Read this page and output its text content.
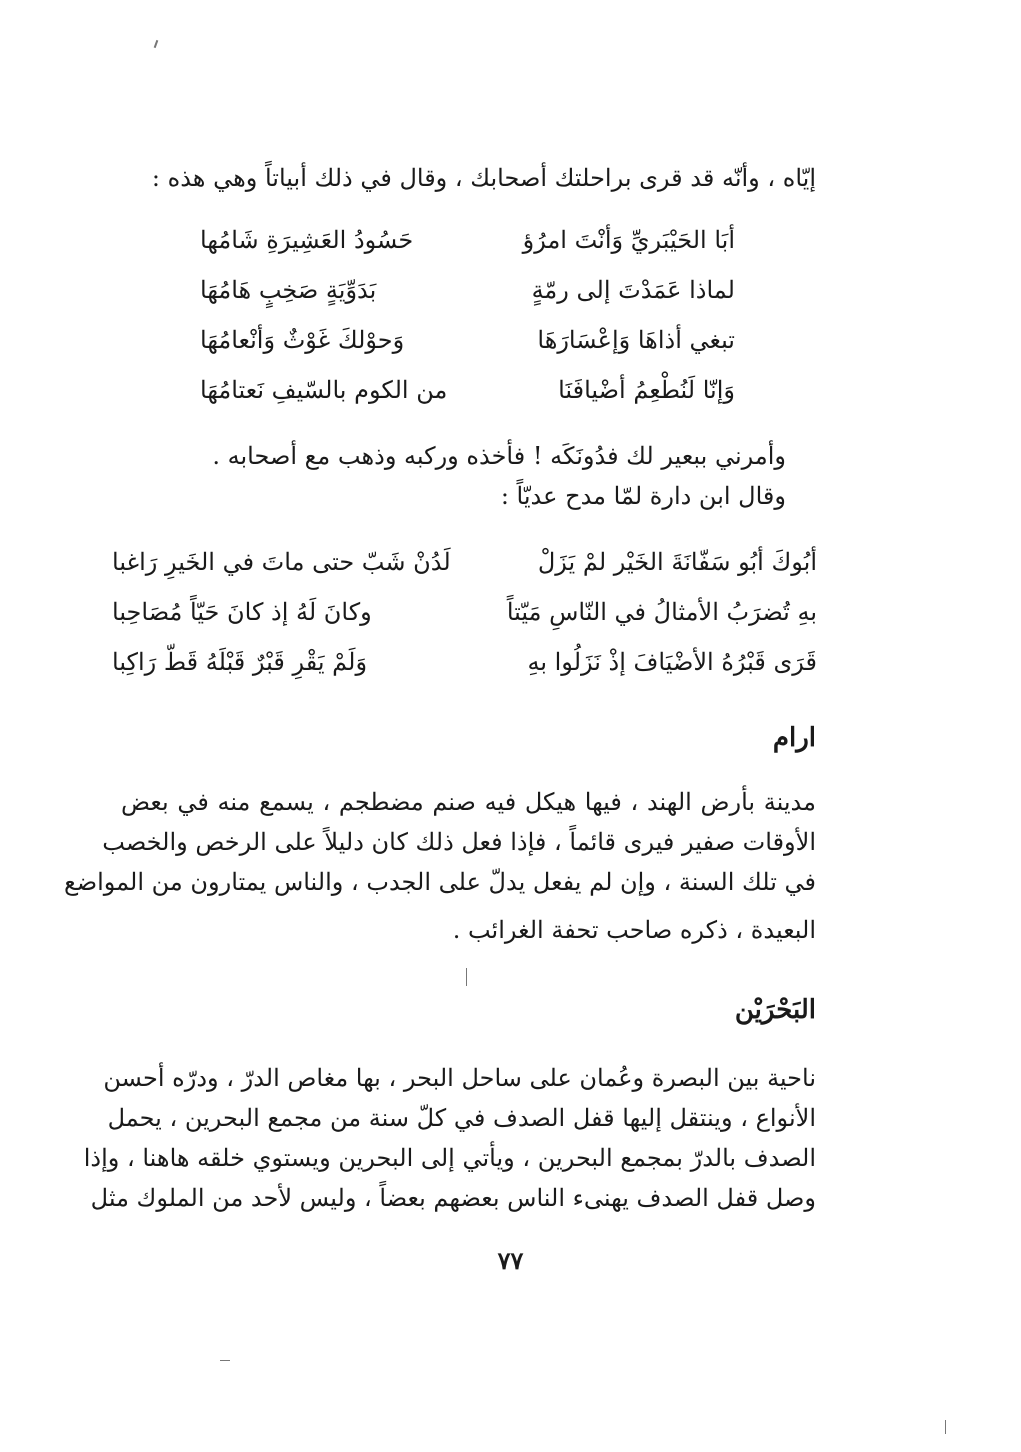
إيّاه ، وأنّه قد قرى براحلتك أصحابك ، وقال في ذلك أبياتاً وهي هذه :
أبَا الحَيْبَريِّ وَأنْتَ امرُؤ
حَسُودُ العَشِيرَةِ شَامُها
لماذا عَمَدْتَ إلى رمّةٍ
بَدَوِّيَةٍ صَخِبٍ هَامُهَا
تبغي أذاهَا وَإعْسَارَهَا
وَحوْلكَ غَوْثٌ وَأنْعامُهَا
وَإنّا لَنُطْعِمُ أضْيافَنَا
من الكوم بالسّيفِ نَعتامُهَا
وأمرني ببعير لك فدُونَكَه ! فأخذه وركبه وذهب مع أصحابه .
وقال ابن دارة لمّا مدح عديّاً :
أبُوكَ أبُو سَفّانَةَ الخَيْر لمْ يَزَلْ
لَدُنْ شَبّ حتى ماتَ في الخَيرِ رَاغبا
بهِ تُضرَبُ الأمثالُ في النّاسِ مَيّتاً
وكانَ لَهُ إذ كانَ حَيّاً مُصَاحِبا
قَرَى قَبْرُهُ الأضْيَافَ إذْ نَزَلُوا بهِ
وَلَمْ يَقْرِ قَبْرٌ قَبْلَهُ قَطّ رَاكِبا
ارام
مدينة بأرض الهند ، فيها هيكل فيه صنم مضطجم ، يسمع منه في بعض
الأوقات صفير فيرى قائماً ، فإذا فعل ذلك كان دليلاً على الرخص والخصب
في تلك السنة ، وإن لم يفعل يدلّ على الجدب ، والناس يمتارون من المواضع
البعيدة ، ذكره صاحب تحفة الغرائب .
البَحْرَيْن
ناحية بين البصرة وعُمان على ساحل البحر ، بها مغاص الدرّ ، ودرّه أحسن
الأنواع ، وينتقل إليها قفل الصدف في كلّ سنة من مجمع البحرين ، يحمل
الصدف بالدرّ بمجمع البحرين ، ويأتي إلى البحرين ويستوي خلقه هاهنا ، وإذا
وصل قفل الصدف يهنىء الناس بعضهم بعضاً ، وليس لأحد من الملوك مثل
٧٧
